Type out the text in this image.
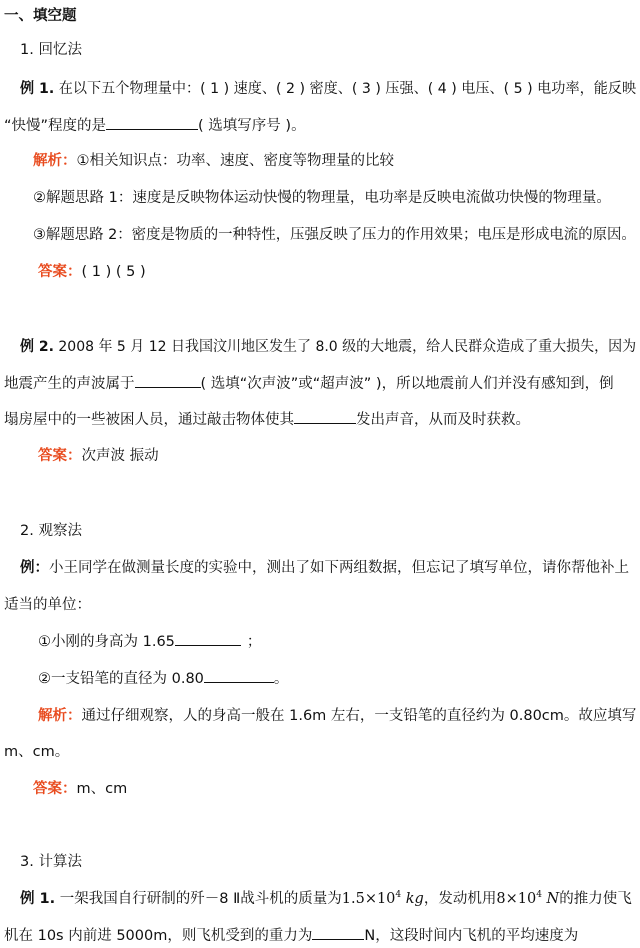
一、填空题
1. 回忆法
例 1. 在以下五个物理量中：( 1 ) 速度、( 2 ) 密度、( 3 ) 压强、( 4 ) 电压、( 5 ) 电功率，能反映
“快慢”程度的是	( 选填写序号 )。
解析：①相关知识点：功率、速度、密度等物理量的比较
②解题思路 1：速度是反映物体运动快慢的物理量，电功率是反映电流做功快慢的物理量。
③解题思路 2：密度是物质的一种特性，压强反映了压力的作用效果；电压是形成电流的原因。
答案：( 1 ) ( 5 )
例 2. 2008 年 5 月 12 日我国汶川地区发生了 8.0 级的大地震，给人民群众造成了重大损失，因为
地震产生的声波属于	( 选填“次声波”或“超声波” )，所以地震前人们并没有感知到，倒
塌房屋中的一些被困人员，通过敲击物体使其	发出声音，从而及时获救。
答案：次声波 振动
2. 观察法
例：小王同学在做测量长度的实验中，测出了如下两组数据，但忘记了填写单位，请你帮他补上
适当的单位：
①小刚的身高为 1.65	；
②一支铅笔的直径为 0.80	。
解析：通过仔细观察，人的身高一般在 1.6m 左右，一支铅笔的直径约为 0.80cm。故应填写
m、cm。
答案：m、cm
3. 计算法
例 1. 一架我国自行研制的歼－8 Ⅱ战斗机的质量为$1.5\times 10^4$ kg，发动机用$8\times 10^4$ N的推力使飞
机在 10s 内前进 5000m，则飞机受到的重力为	N，这段时间内飞机的平均速度为
